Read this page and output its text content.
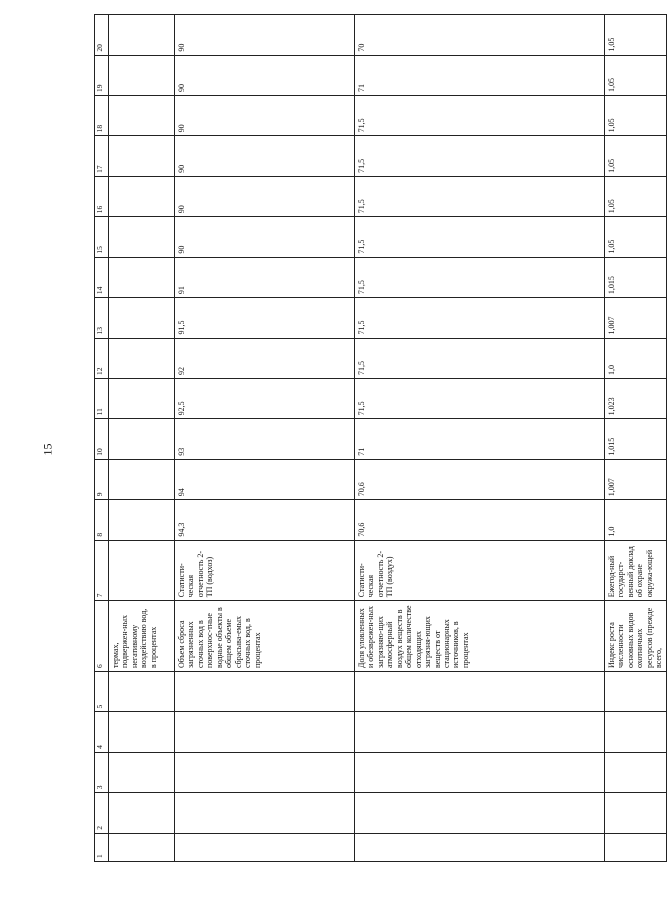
15
1	2	3	4	5	6	7	8	9	10	11	12	13	14	15	16	17	18	19	20
					термах, подвержен-ных негативному воздействию вод, в процентах														
					Объем сброса загрязненных сточных вод в поверхнос-тные водные объекты в общем объеме сбрасыва-емых сточных вод, в процентах	Статисти-ческая отчетность 2-ТП (водхоз)	94,3	94	93	92,5	92	91,5	91	90	90	90	90	90	90
					Доля уловленных и обезврежен-ных загрязняю-щих атмосферный воздух веществ в общем количестве отходящих загрязня-ющих веществ от стационарных источников, в процентах	Статисти-ческая отчетность 2-ТП (воздух)	70,6	70,6	71	71,5	71,5	71,5	71,5	71,5	71,5	71,5	71,5	71	70
					Индекс роста численности основных видов охотничьих ресурсов (прежде всего,	Ежегод-ный государст-венный доклад об охране окружа-ющей	1,0	1,007	1,015	1,023	1,0	1,007	1,015	1,05	1,05	1,05	1,05	1,05	1,05
